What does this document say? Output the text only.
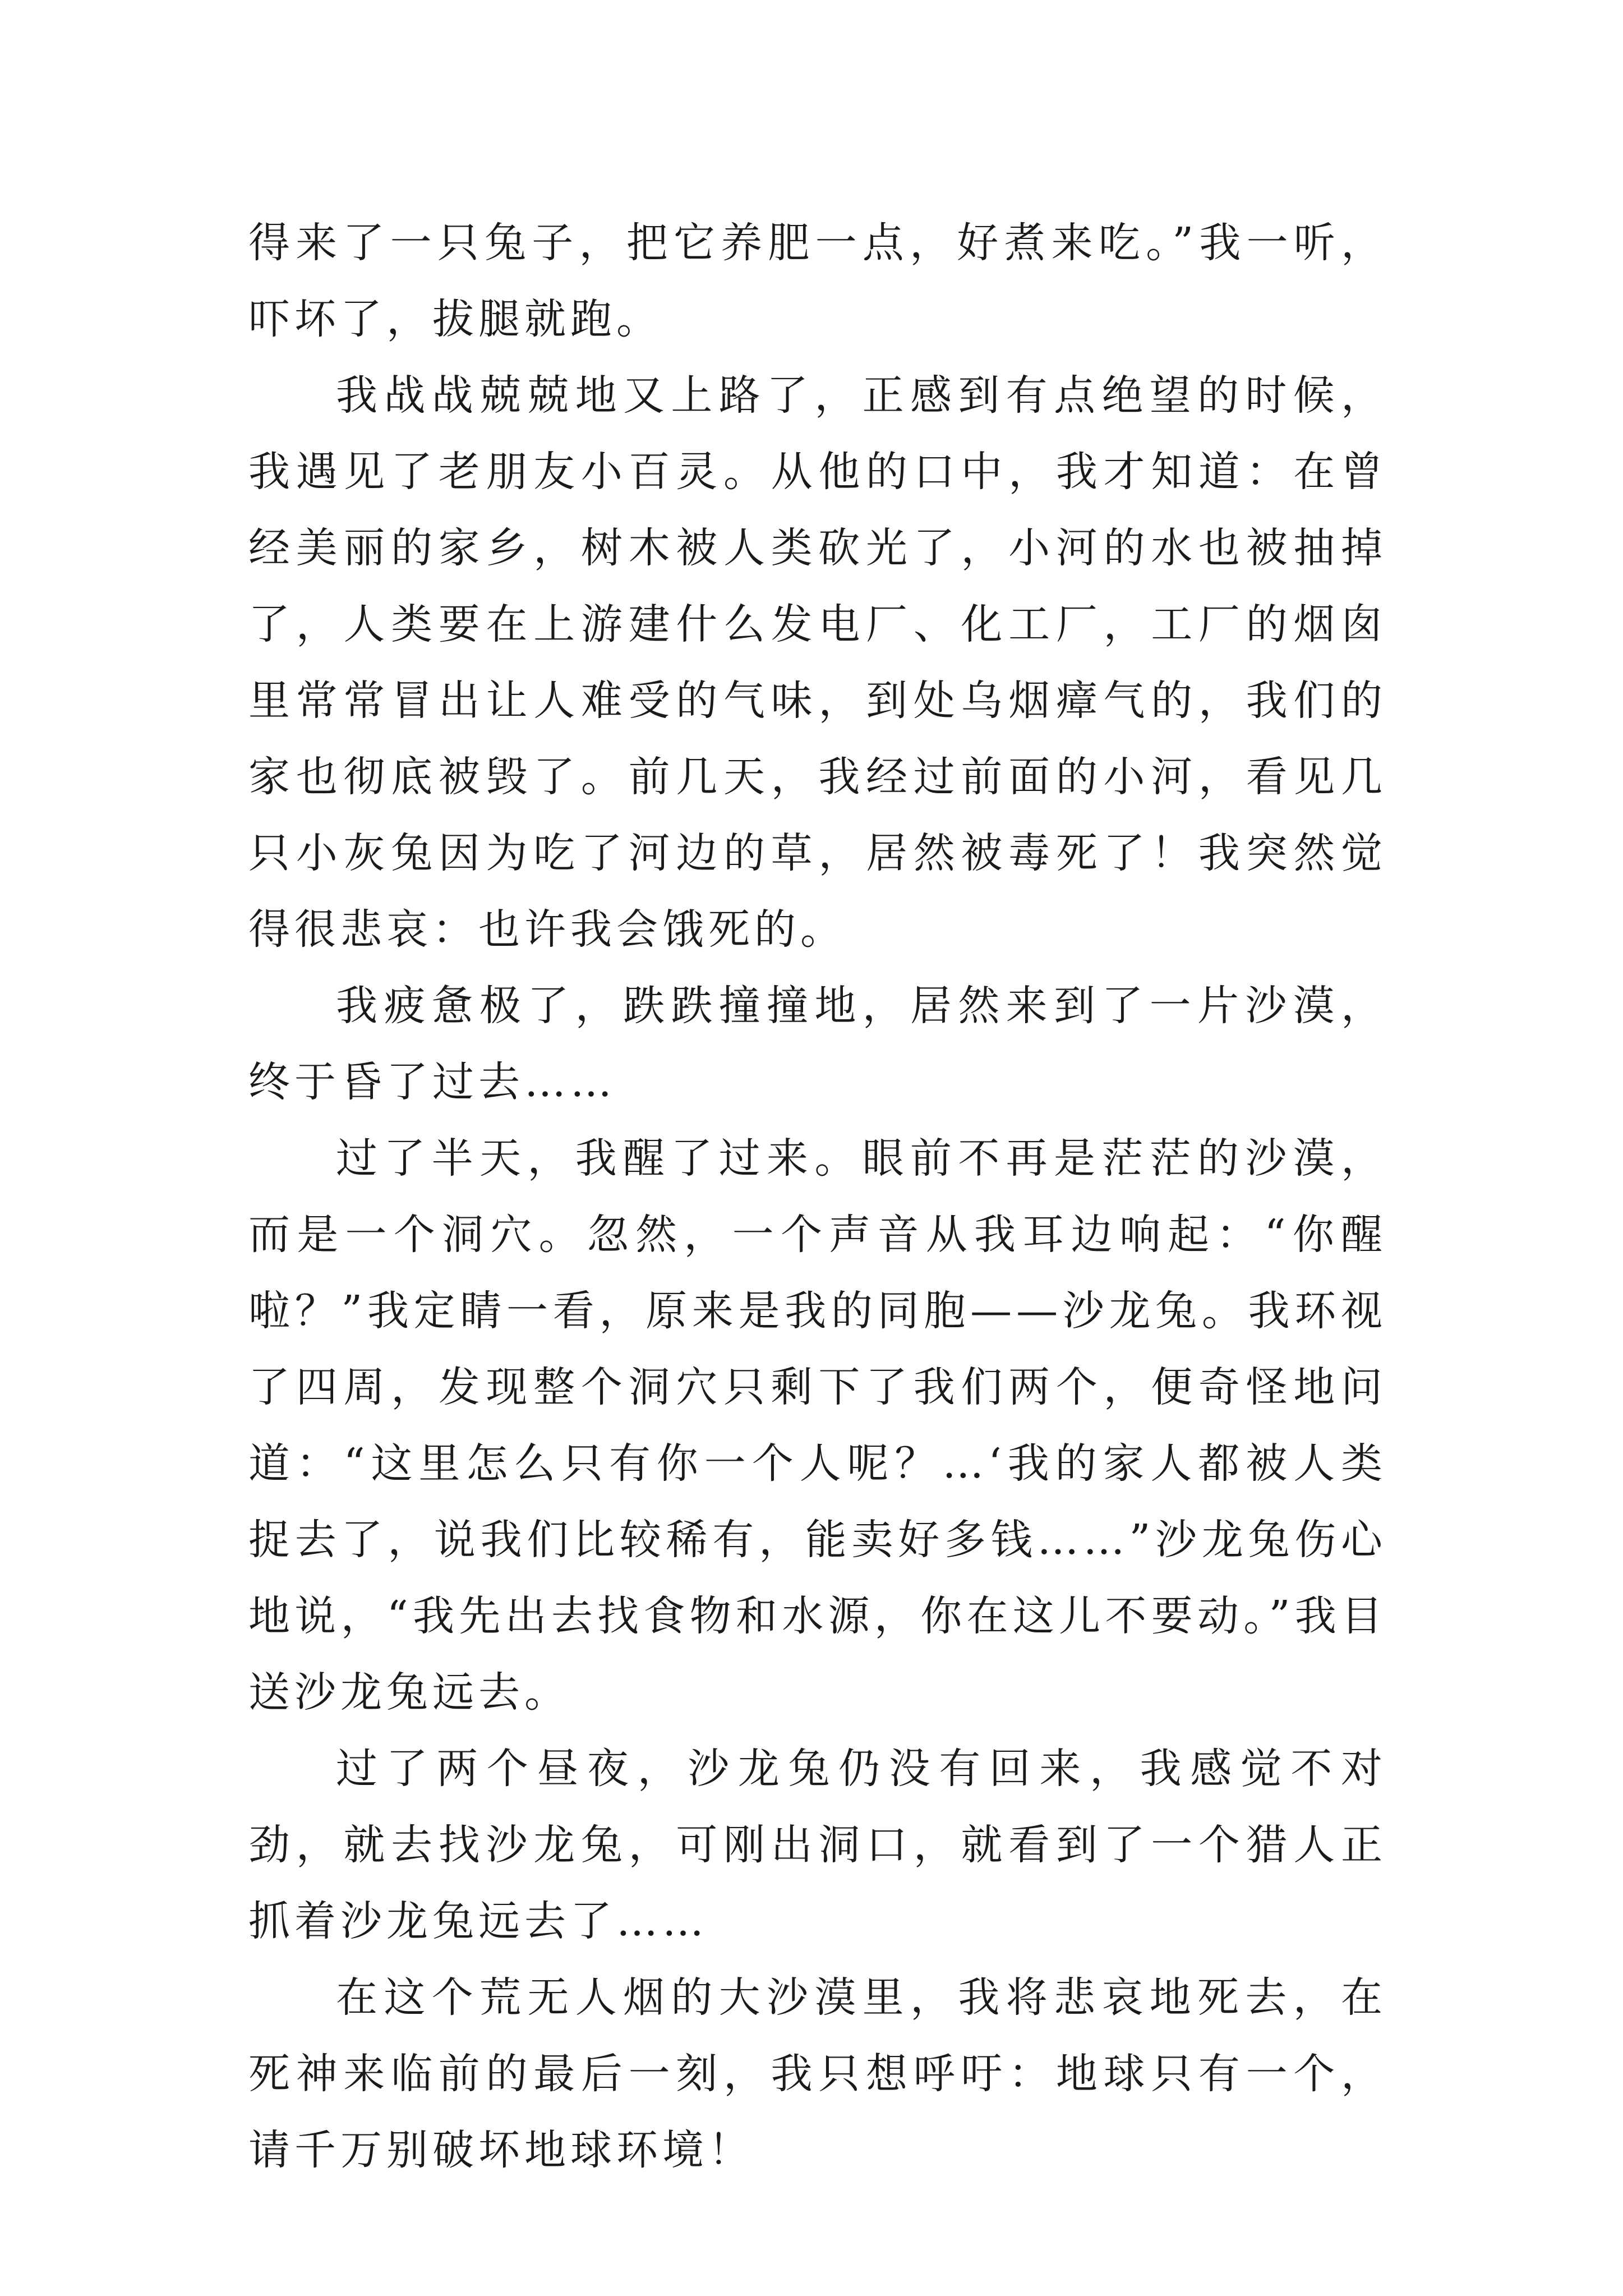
得来了一只兔子，把它养肥一点，好煮来吃。”我一听，吓坏了，拔腿就跑。

我战战兢兢地又上路了，正感到有点绝望的时候，我遇见了老朋友小百灵。从他的口中，我才知道：在曾经美丽的家乡，树木被人类砍光了，小河的水也被抽掉了，人类要在上游建什么发电厂、化工厂，工厂的烟囱里常常冒出让人难受的气味，到处乌烟瘴气的，我们的家也彻底被毁了。前几天，我经过前面的小河，看见几只小灰兔因为吃了河边的草，居然被毒死了！我突然觉得很悲哀：也许我会饿死的。

我疲惫极了，跌跌撞撞地，居然来到了一片沙漠，终于昏了过去……

过了半天，我醒了过来。眼前不再是茫茫的沙漠，而是一个洞穴。忽然，一个声音从我耳边响起：“你醒啦？”我定睛一看，原来是我的同胞——沙龙兔。我环视了四周，发现整个洞穴只剩下了我们两个，便奇怪地问道：“这里怎么只有你一个人呢？…‘我的家人都被人类捉去了，说我们比较稀有，能卖好多钱……”沙龙兔伤心地说，“我先出去找食物和水源，你在这儿不要动。”我目送沙龙兔远去。

过了两个昼夜，沙龙兔仍没有回来，我感觉不对劲，就去找沙龙兔，可刚出洞口，就看到了一个猎人正抓着沙龙兔远去了……

在这个荒无人烟的大沙漠里，我将悲哀地死去，在死神来临前的最后一刻，我只想呼吁：地球只有一个，请千万别破坏地球环境！
